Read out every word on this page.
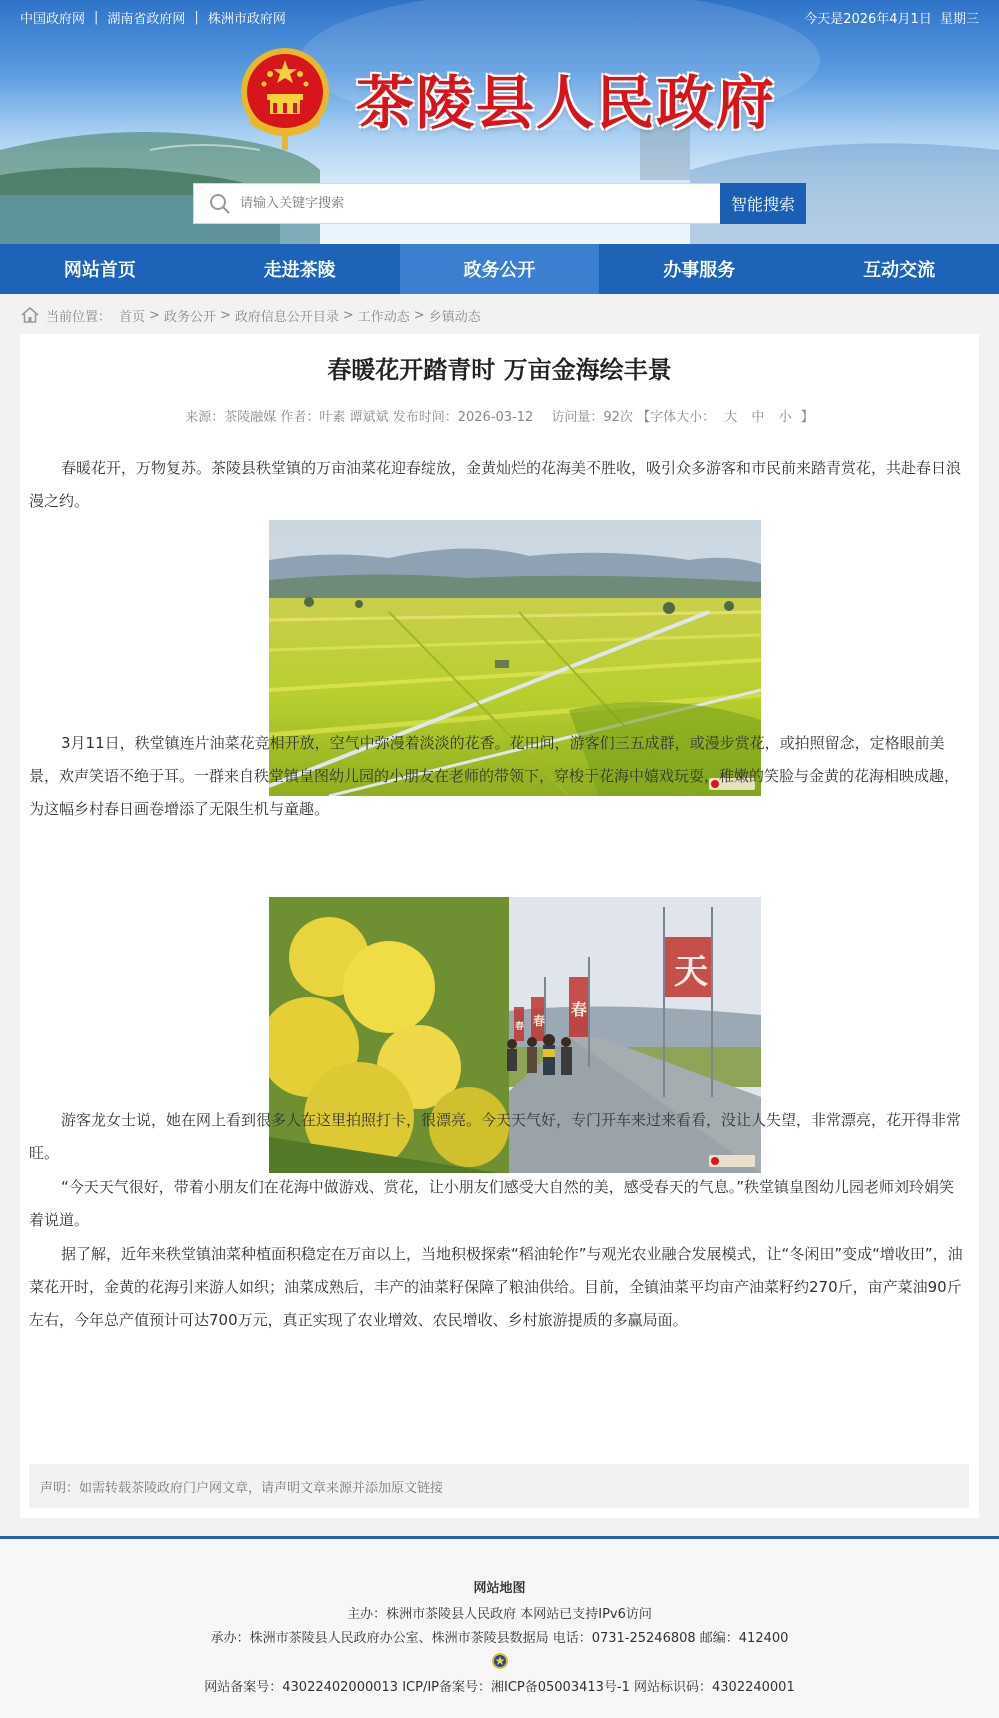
中国政府网 | 湖南省政府网 | 株洲市政府网	今天是2026年4月1日 星期三
茶陵县人民政府
请输入关键字搜索
智能搜索
网站首页	走进茶陵	政务公开	办事服务	互动交流
当前位置： 首页 > 政务公开 > 政府信息公开目录 > 工作动态 > 乡镇动态
春暖花开踏青时 万亩金海绘丰景
来源：茶陵融媒 作者：叶素 谭斌斌 发布时间：2026-03-12 访问量：92次 【字体大小： 大 中 小 】

春暖花开，万物复苏。茶陵县秩堂镇的万亩油菜花迎春绽放，金黄灿烂的花海美不胜收，吸引众多游客和市民前来踏青赏花，共赴春日浪漫之约。

3月11日，秩堂镇连片油菜花竞相开放，空气中弥漫着淡淡的花香。花田间，游客们三五成群，或漫步赏花，或拍照留念，定格眼前美景，欢声笑语不绝于耳。一群来自秩堂镇皇图幼儿园的小朋友在老师的带领下，穿梭于花海中嬉戏玩耍，稚嫩的笑脸与金黄的花海相映成趣，为这幅乡村春日画卷增添了无限生机与童趣。

天
春
春
春

游客龙女士说，她在网上看到很多人在这里拍照打卡，很漂亮。今天天气好，专门开车来过来看看，没让人失望，非常漂亮，花开得非常旺。

“今天天气很好，带着小朋友们在花海中做游戏、赏花，让小朋友们感受大自然的美，感受春天的气息。”秩堂镇皇图幼儿园老师刘玲娟笑着说道。

据了解，近年来秩堂镇油菜种植面积稳定在万亩以上，当地积极探索“稻油轮作”与观光农业融合发展模式，让“冬闲田”变成“增收田”，油菜花开时，金黄的花海引来游人如织；油菜成熟后，丰产的油菜籽保障了粮油供给。目前，全镇油菜平均亩产油菜籽约270斤，亩产菜油90斤左右，今年总产值预计可达700万元，真正实现了农业增效、农民增收、乡村旅游提质的多赢局面。

声明：如需转载茶陵政府门户网文章，请声明文章来源并添加原文链接
网站地图
主办：株洲市茶陵县人民政府 本网站已支持IPv6访问
承办：株洲市茶陵县人民政府办公室、株洲市茶陵县数据局 电话：0731-25246808 邮编：412400
网站备案号：43022402000013 ICP/IP备案号：湘ICP备05003413号-1 网站标识码：4302240001
